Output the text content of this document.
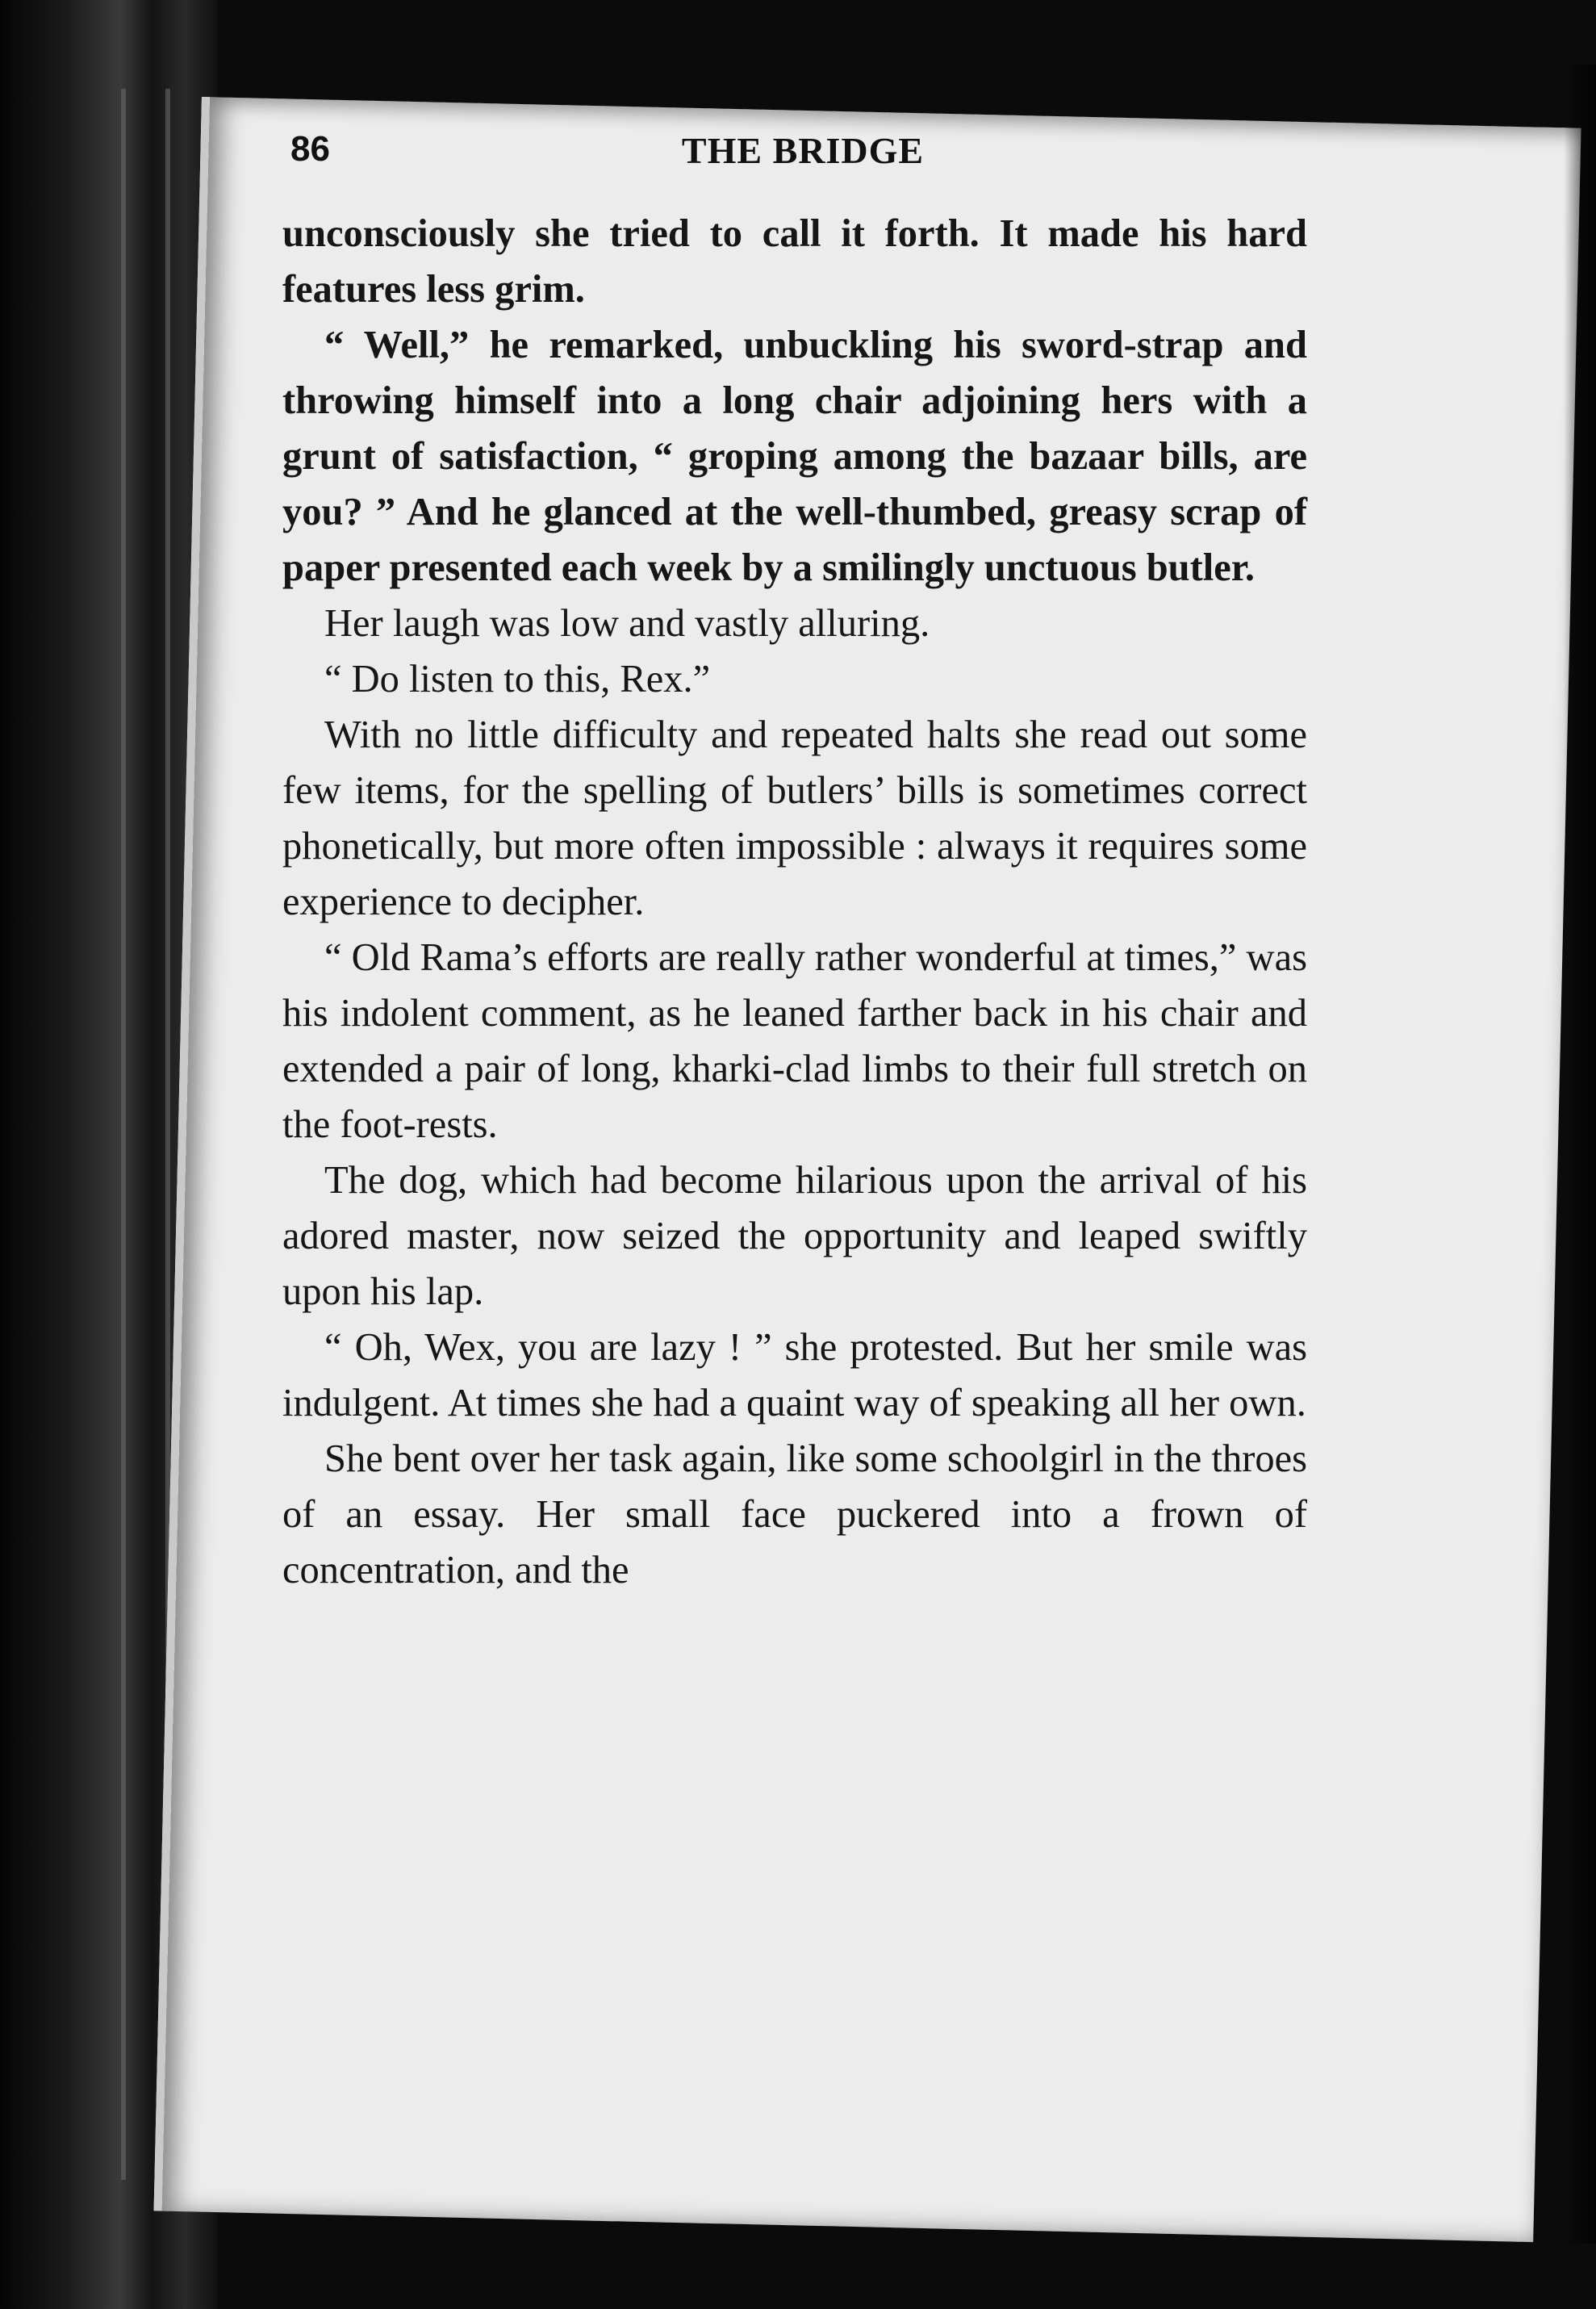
86	THE BRIDGE

unconsciously she tried to call it forth. It made his hard features less grim.

“ Well,” he remarked, unbuckling his sword-strap and throwing himself into a long chair adjoining hers with a grunt of satisfaction, “ groping among the bazaar bills, are you? ” And he glanced at the well-thumbed, greasy scrap of paper presented each week by a smilingly unctuous butler.

Her laugh was low and vastly alluring.

“ Do listen to this, Rex.”

With no little difficulty and repeated halts she read out some few items, for the spelling of butlers’ bills is sometimes correct phonetically, but more often impossible : always it requires some experience to decipher.

“ Old Rama’s efforts are really rather wonderful at times,” was his indolent comment, as he leaned farther back in his chair and extended a pair of long, kharki-clad limbs to their full stretch on the foot-rests.

The dog, which had become hilarious upon the arrival of his adored master, now seized the opportunity and leaped swiftly upon his lap.

“ Oh, Wex, you are lazy ! ” she protested. But her smile was indulgent. At times she had a quaint way of speaking all her own.

She bent over her task again, like some schoolgirl in the throes of an essay. Her small face puckered into a frown of concentration, and the
